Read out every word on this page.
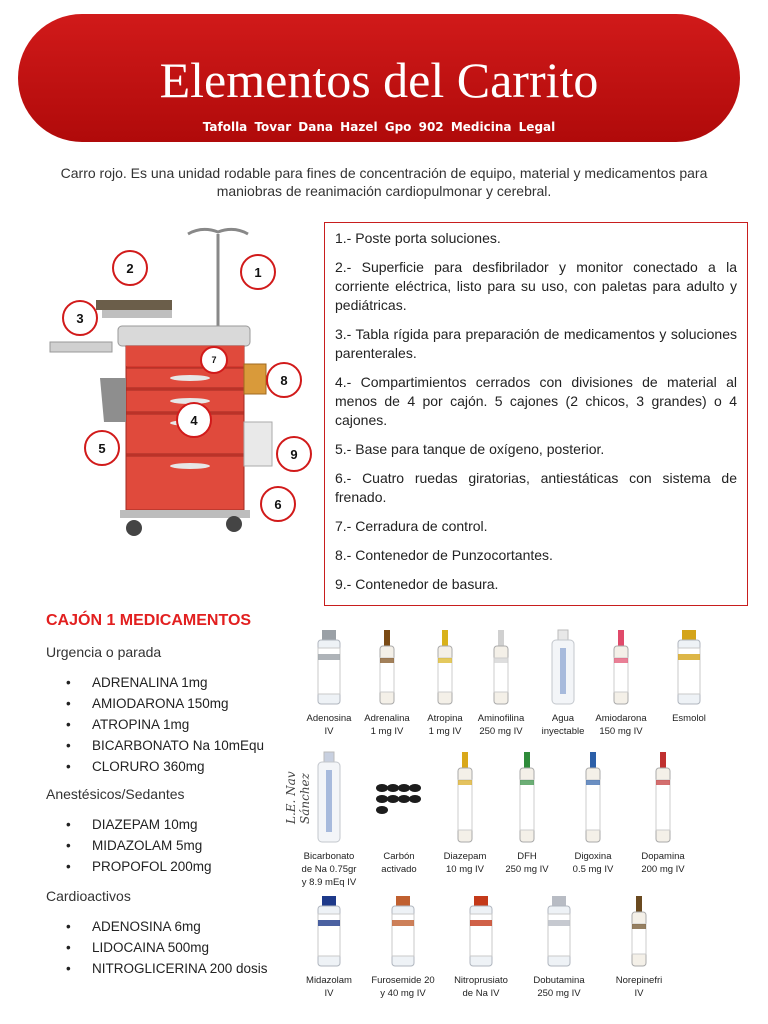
Elementos del Carrito
Tafolla Tovar Dana Hazel Gpo 902 Medicina Legal
Carro rojo. Es una unidad rodable para fines de concentración de equipo, material y medicamentos para maniobras de reanimación cardiopulmonar y cerebral.
1
2
3
4
5
6
7
8
9

1.- Poste porta soluciones.

2.- Superficie para desfibrilador y monitor conectado a la corriente eléctrica, listo para su uso, con paletas para adulto y pediátricas.

3.- Tabla rígida para preparación de medicamentos y soluciones parenterales.

4.- Compartimientos cerrados con divisiones de material al menos de 4 por cajón. 5 cajones (2 chicos, 3 grandes) o 4 cajones.

5.- Base para tanque de oxígeno, posterior.

6.- Cuatro ruedas giratorias, antiestáticas con sistema de frenado.

7.- Cerradura de control.

8.- Contenedor de Punzocortantes.

9.- Contenedor de basura.

CAJÓN 1 MEDICAMENTOS
Urgencia o parada
• ADRENALINA 1mg
• AMIODARONA 150mg
• ATROPINA 1mg
• BICARBONATO Na 10mEqu
• CLORURO 360mg
Anestésicos/Sedantes
• DIAZEPAM 10mg
• MIDAZOLAM 5mg
• PROPOFOL 200mg
Cardioactivos
• ADENOSINA 6mg
• LIDOCAINA 500mg
• NITROGLICERINA 200 dosis
L.E. Nav Sánchez
Adenosina
IV
Adrenalina
1 mg IV
Atropina
1 mg IV
Aminofilina
250 mg IV
Agua
inyectable
Amiodarona
150 mg IV
Esmolol
Bicarbonato
de Na 0.75gr
y 8.9 mEq IV
Carbón
activado
Diazepam
10 mg IV
DFH
250 mg IV
Digoxina
0.5 mg IV
Dopamina
200 mg IV
Midazolam
IV
Furosemide 20
y 40 mg IV
Nitroprusiato
de Na IV
Dobutamina
250 mg IV
Norepinefri
IV
